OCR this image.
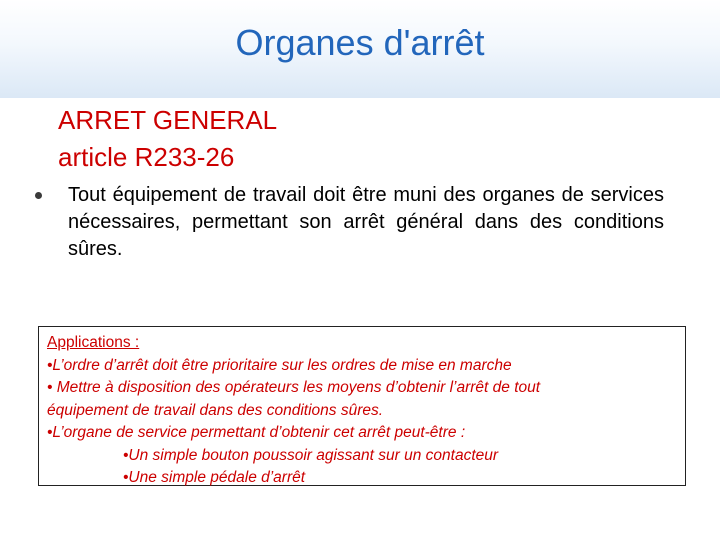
Organes d'arrêt
ARRET GENERAL
article R233-26
Tout équipement de travail doit être muni des organes de services nécessaires, permettant son arrêt général dans des conditions sûres.
Applications :
•L’ordre d’arrêt doit être prioritaire sur les ordres de mise en marche
• Mettre à disposition des opérateurs les moyens d’obtenir l’arrêt de tout
équipement de travail dans des conditions sûres.
•L’organe de service permettant d’obtenir cet arrêt peut-être :
•Un simple bouton poussoir agissant sur un contacteur
•Une simple pédale d’arrêt
